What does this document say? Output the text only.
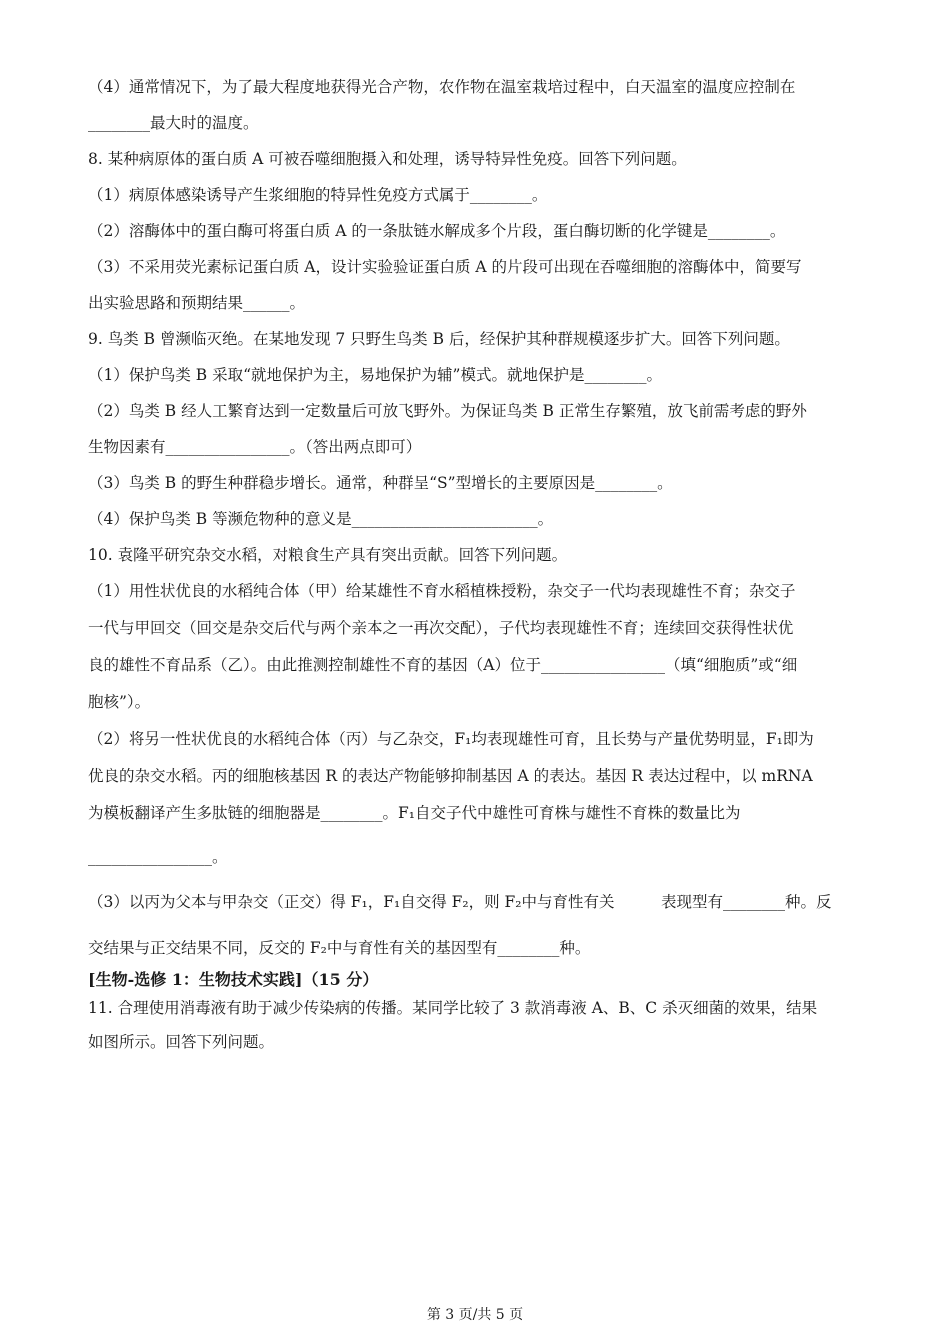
（4）通常情况下，为了最大程度地获得光合产物，农作物在温室栽培过程中，白天温室的温度应控制在
________最大时的温度。
8. 某种病原体的蛋白质 A 可被吞噬细胞摄入和处理，诱导特异性免疫。回答下列问题。
（1）病原体感染诱导产生浆细胞的特异性免疫方式属于________。
（2）溶酶体中的蛋白酶可将蛋白质 A 的一条肽链水解成多个片段，蛋白酶切断的化学键是________。
（3）不采用荧光素标记蛋白质 A，设计实验验证蛋白质 A 的片段可出现在吞噬细胞的溶酶体中，简要写
出实验思路和预期结果______。
9. 鸟类 B 曾濒临灭绝。在某地发现 7 只野生鸟类 B 后，经保护其种群规模逐步扩大。回答下列问题。
（1）保护鸟类 B 采取“就地保护为主，易地保护为辅”模式。就地保护是________。
（2）鸟类 B 经人工繁育达到一定数量后可放飞野外。为保证鸟类 B 正常生存繁殖，放飞前需考虑的野外
生物因素有________________。（答出两点即可）
（3）鸟类 B 的野生种群稳步增长。通常，种群呈“S”型增长的主要原因是________。
（4）保护鸟类 B 等濒危物种的意义是________________________。
10. 袁隆平研究杂交水稻，对粮食生产具有突出贡献。回答下列问题。
（1）用性状优良的水稻纯合体（甲）给某雄性不育水稻植株授粉，杂交子一代均表现雄性不育；杂交子
一代与甲回交（回交是杂交后代与两个亲本之一再次交配），子代均表现雄性不育；连续回交获得性状优
良的雄性不育品系（乙）。由此推测控制雄性不育的基因（A）位于________________（填“细胞质”或“细
胞核”）。
（2）将另一性状优良的水稻纯合体（丙）与乙杂交，F₁均表现雄性可育，且长势与产量优势明显，F₁即为
优良的杂交水稻。丙的细胞核基因 R 的表达产物能够抑制基因 A 的表达。基因 R 表达过程中，以 mRNA
为模板翻译产生多肽链的细胞器是________。F₁自交子代中雄性可育株与雄性不育株的数量比为
________________。
（3）以丙为父本与甲杂交（正交）得 F₁，F₁自交得 F₂，则 F₂中与育性有关　　　表现型有________种。反
交结果与正交结果不同，反交的 F₂中与育性有关的基因型有________种。
[生物-选修 1：生物技术实践]（15 分）
11. 合理使用消毒液有助于减少传染病的传播。某同学比较了 3 款消毒液 A、B、C 杀灭细菌的效果，结果
如图所示。回答下列问题。
第 3 页/共 5 页
